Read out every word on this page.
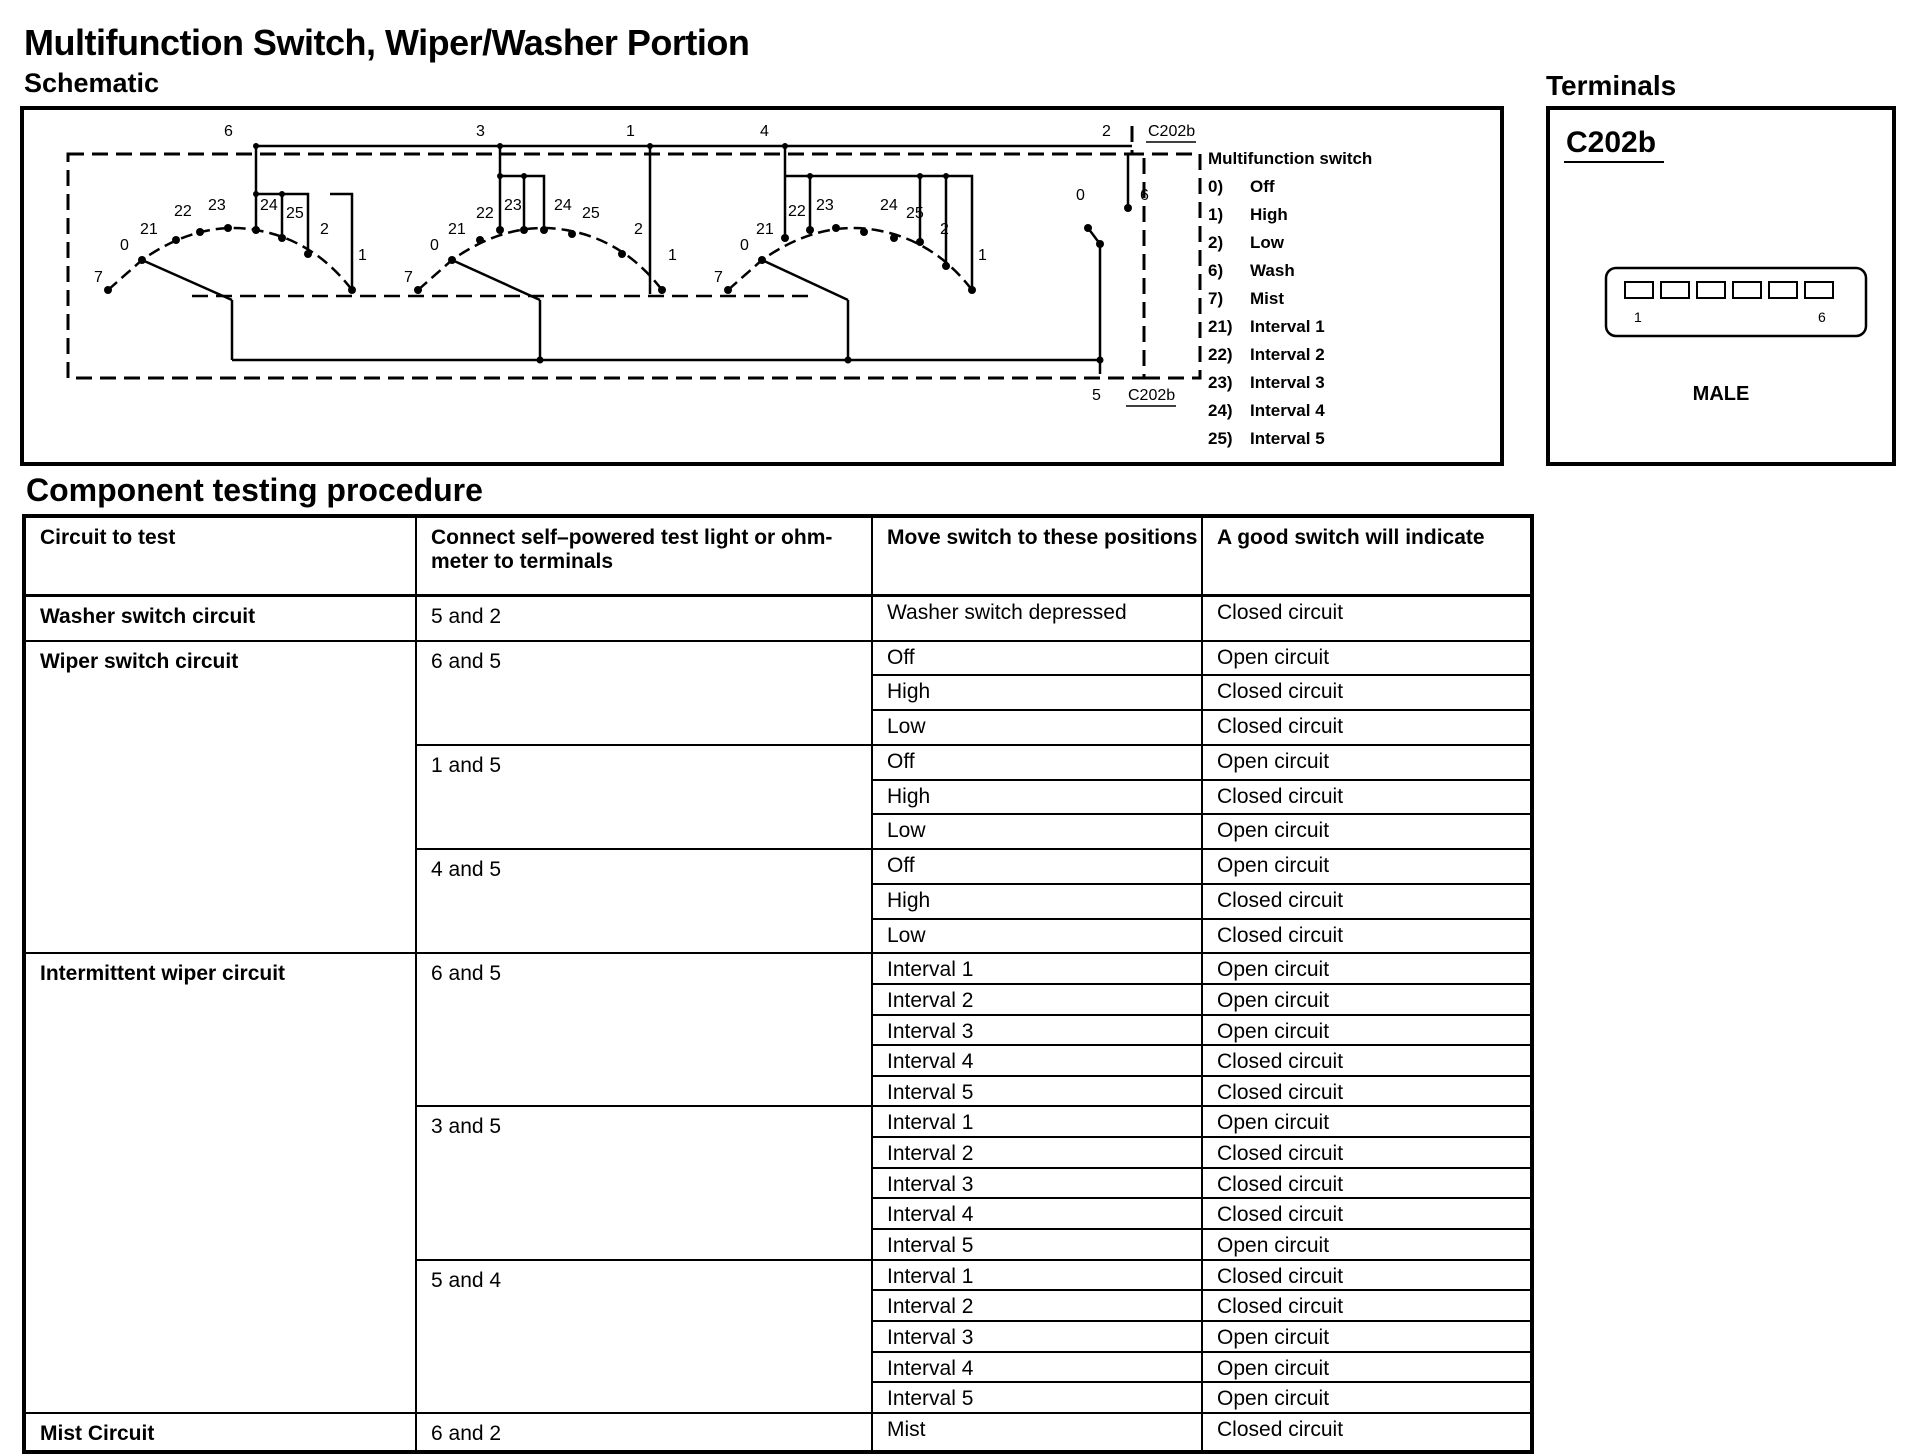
Multifunction Switch, Wiper/Washer Portion
Schematic	Terminals
6	3	1	4	2 C202b
5 C202b
7
0
21
22 23 24 25
2
1
7
0
21
22 23 24 25
2
1
7
0
21
22 23	24 25
2
1
0	6
Multifunction switch
0) Off
1) High
2) Low
6) Wash
7) Mist
21) Interval 1
22) Interval 2
23) Interval 3
24) Interval 4
25) Interval 5
C202b
1	6
MALE
Component testing procedure
Circuit to test	Connect self–powered test light or ohm- meter to terminals	Move switch to these positions	A good switch will indicate
Washer switch circuit	5 and 2	Washer switch depressed	Closed circuit
Wiper switch circuit	6 and 5	Off	Open circuit
		High	Closed circuit
		Low	Closed circuit
	1 and 5	Off	Open circuit
		High	Closed circuit
		Low	Open circuit
	4 and 5	Off	Open circuit
		High	Closed circuit
		Low	Closed circuit
Intermittent wiper circuit	6 and 5	Interval 1	Open circuit
		Interval 2	Open circuit
		Interval 3	Open circuit
		Interval 4	Closed circuit
		Interval 5	Closed circuit
	3 and 5	Interval 1	Open circuit
		Interval 2	Closed circuit
		Interval 3	Closed circuit
		Interval 4	Closed circuit
		Interval 5	Open circuit
	5 and 4	Interval 1	Closed circuit
		Interval 2	Closed circuit
		Interval 3	Open circuit
		Interval 4	Open circuit
		Interval 5	Open circuit
Mist Circuit	6 and 2	Mist	Closed circuit
